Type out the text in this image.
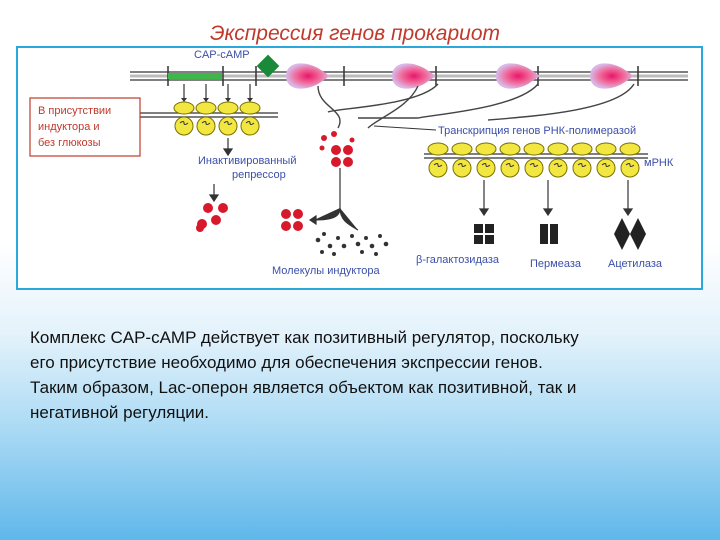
Экспрессия генов прокариот
CAP-cAMP
В присутствии
индуктора и
без глюкозы
Инактивированный
репрессор
Молекулы индуктора
Транскрипция генов РНК-полимеразой
мРНК
β-галактозидаза	Пермеаза Ацетилаза
Комплекс CAP-cAMP действует как позитивный регулятор, поскольку
его присутствие необходимо для обеспечения экспрессии генов.
Таким образом, Lac-оперон является объектом как позитивной, так и
негативной регуляции.
